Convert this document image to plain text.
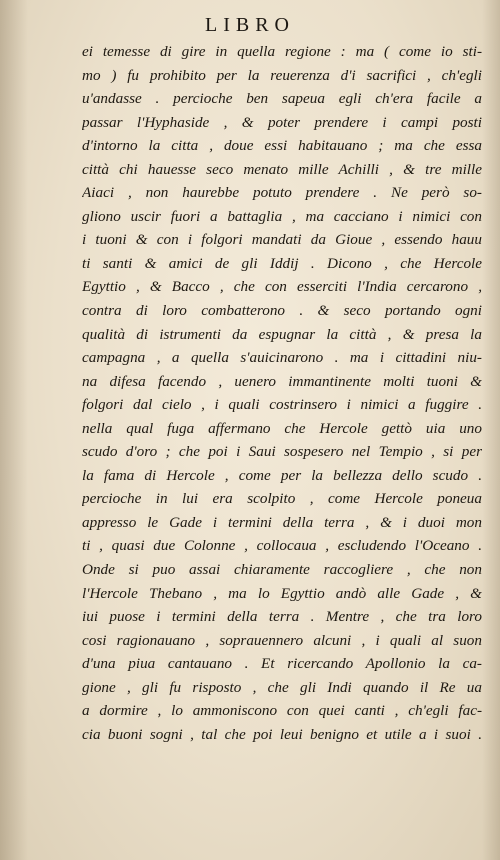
LIBRO
ei temesse di gire in quella regione : ma ( come io sti-
mo ) fu prohibito per la reuerenza d'i sacrifici , ch'egli
u'andasse . percioche ben sapeua egli ch'era facile a
passar l'Hyphaside , & poter prendere i campi posti
d'intorno la citta , doue essi habitauano ; ma che essa
città chi hauesse seco menato mille Achilli , & tre mille
Aiaci , non haurebbe potuto prendere . Ne però so-
gliono uscir fuori a battaglia , ma cacciano i nimici con
i tuoni & con i folgori mandati da Gioue , essendo hauu
ti santi & amici de gli Iddij . Dicono , che Hercole
Egyttio , & Bacco , che con esserciti l'India cercarono ,
contra di loro combatterono . & seco portando ogni
qualità di istrumenti da espugnar la città , & presa la
campagna , a quella s'auicinarono . ma i cittadini niu-
na difesa facendo , uenero immantinente molti tuoni &
folgori dal cielo , i quali costrinsero i nimici a fuggire .
nella qual fuga affermano che Hercole gettò uia uno
scudo d'oro ; che poi i Saui sospesero nel Tempio , si per
la fama di Hercole , come per la bellezza dello scudo .
percioche in lui era scolpito , come Hercole poneua
appresso le Gade i termini della terra , & i duoi mon
ti , quasi due Colonne , collocaua , escludendo l'Oceano .
Onde si puo assai chiaramente raccogliere , che non
l'Hercole Thebano , ma lo Egyttio andò alle Gade , &
iui puose i termini della terra . Mentre , che tra loro
cosi ragionauano , soprauennero alcuni , i quali al suon
d'una piua cantauano . Et ricercando Apollonio la ca-
gione , gli fu risposto , che gli Indi quando il Re ua
a dormire , lo ammoniscono con quei canti , ch'egli fac-
cia buoni sogni , tal che poi leui benigno et utile a i suoi .
